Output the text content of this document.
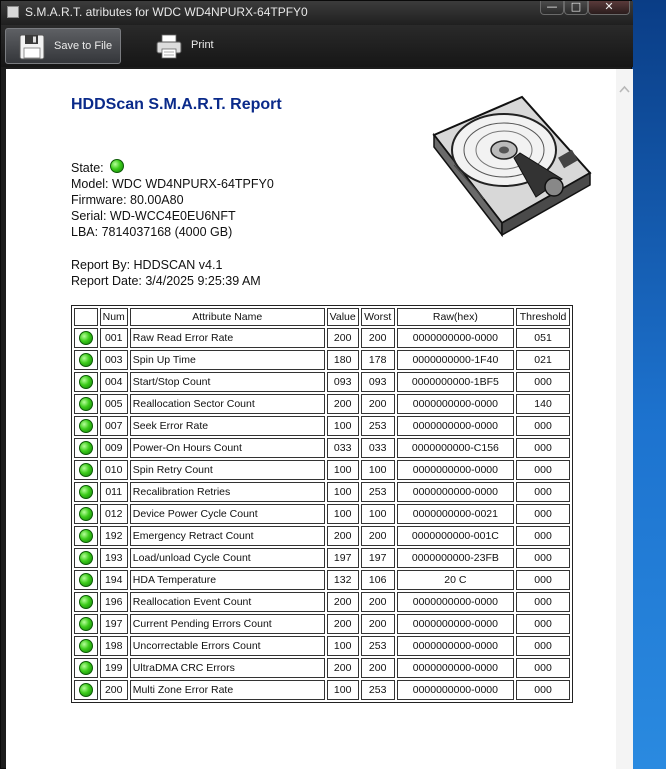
S.M.A.R.T. atributes for WDC WD4NPURX-64TPFY0	—	□	✕
Save to File	Print
HDDScan S.M.A.R.T. Report
State:
Model: WDC WD4NPURX-64TPFY0
Firmware: 80.00A80
Serial: WD-WCC4E0EU6NFT
LBA: 7814037168 (4000 GB)
Report By: HDDSCAN v4.1
Report Date: 3/4/2025 9:25:39 AM
	Num	Attribute Name	Value	Worst	Raw(hex)	Threshold
	001	Raw Read Error Rate	200	200	0000000000-0000	051
	003	Spin Up Time	180	178	0000000000-1F40	021
	004	Start/Stop Count	093	093	0000000000-1BF5	000
	005	Reallocation Sector Count	200	200	0000000000-0000	140
	007	Seek Error Rate	100	253	0000000000-0000	000
	009	Power-On Hours Count	033	033	0000000000-C156	000
	010	Spin Retry Count	100	100	0000000000-0000	000
	011	Recalibration Retries	100	253	0000000000-0000	000
	012	Device Power Cycle Count	100	100	0000000000-0021	000
	192	Emergency Retract Count	200	200	0000000000-001C	000
	193	Load/unload Cycle Count	197	197	0000000000-23FB	000
	194	HDA Temperature	132	106	20 C	000
	196	Reallocation Event Count	200	200	0000000000-0000	000
	197	Current Pending Errors Count	200	200	0000000000-0000	000
	198	Uncorrectable Errors Count	100	253	0000000000-0000	000
	199	UltraDMA CRC Errors	200	200	0000000000-0000	000
	200	Multi Zone Error Rate	100	253	0000000000-0000	000
